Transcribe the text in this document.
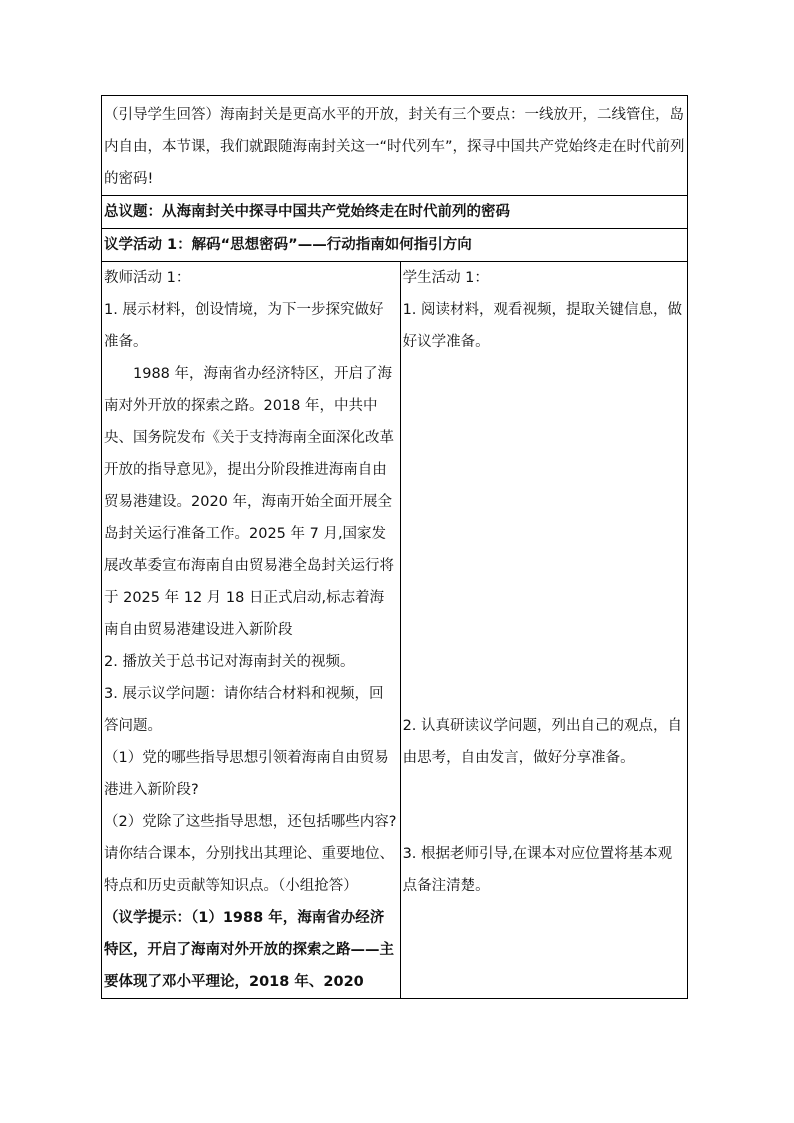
（引导学生回答）海南封关是更高水平的开放，封关有三个要点：一线放开，二线管住，岛内自由，本节课，我们就跟随海南封关这一“时代列车”，探寻中国共产党始终走在时代前列的密码!
总议题：从海南封关中探寻中国共产党始终走在时代前列的密码
议学活动 1：解码“思想密码”——行动指南如何指引方向

教师活动 1：
1. 展示材料，创设情境，为下一步探究做好准备。
1988 年，海南省办经济特区，开启了海南对外开放的探索之路。2018 年，中共中央、国务院发布《关于支持海南全面深化改革开放的指导意见》，提出分阶段推进海南自由贸易港建设。2020 年，海南开始全面开展全岛封关运行准备工作。2025 年 7 月,国家发展改革委宣布海南自由贸易港全岛封关运行将于 2025 年 12 月 18 日正式启动,标志着海南自由贸易港建设进入新阶段
2. 播放关于总书记对海南封关的视频。
3. 展示议学问题：请你结合材料和视频，回答问题。
（1）党的哪些指导思想引领着海南自由贸易港进入新阶段?
（2）党除了这些指导思想，还包括哪些内容?请你结合课本，分别找出其理论、重要地位、特点和历史贡献等知识点。（小组抢答）
（议学提示：（1）1988 年，海南省办经济特区，开启了海南对外开放的探索之路——主要体现了邓小平理论，2018 年、2020

学生活动 1：
1. 阅读材料，观看视频，提取关键信息，做好议学准备。
2. 认真研读议学问题，列出自己的观点，自由思考，自由发言，做好分享准备。
3. 根据老师引导,在课本对应位置将基本观点备注清楚。
